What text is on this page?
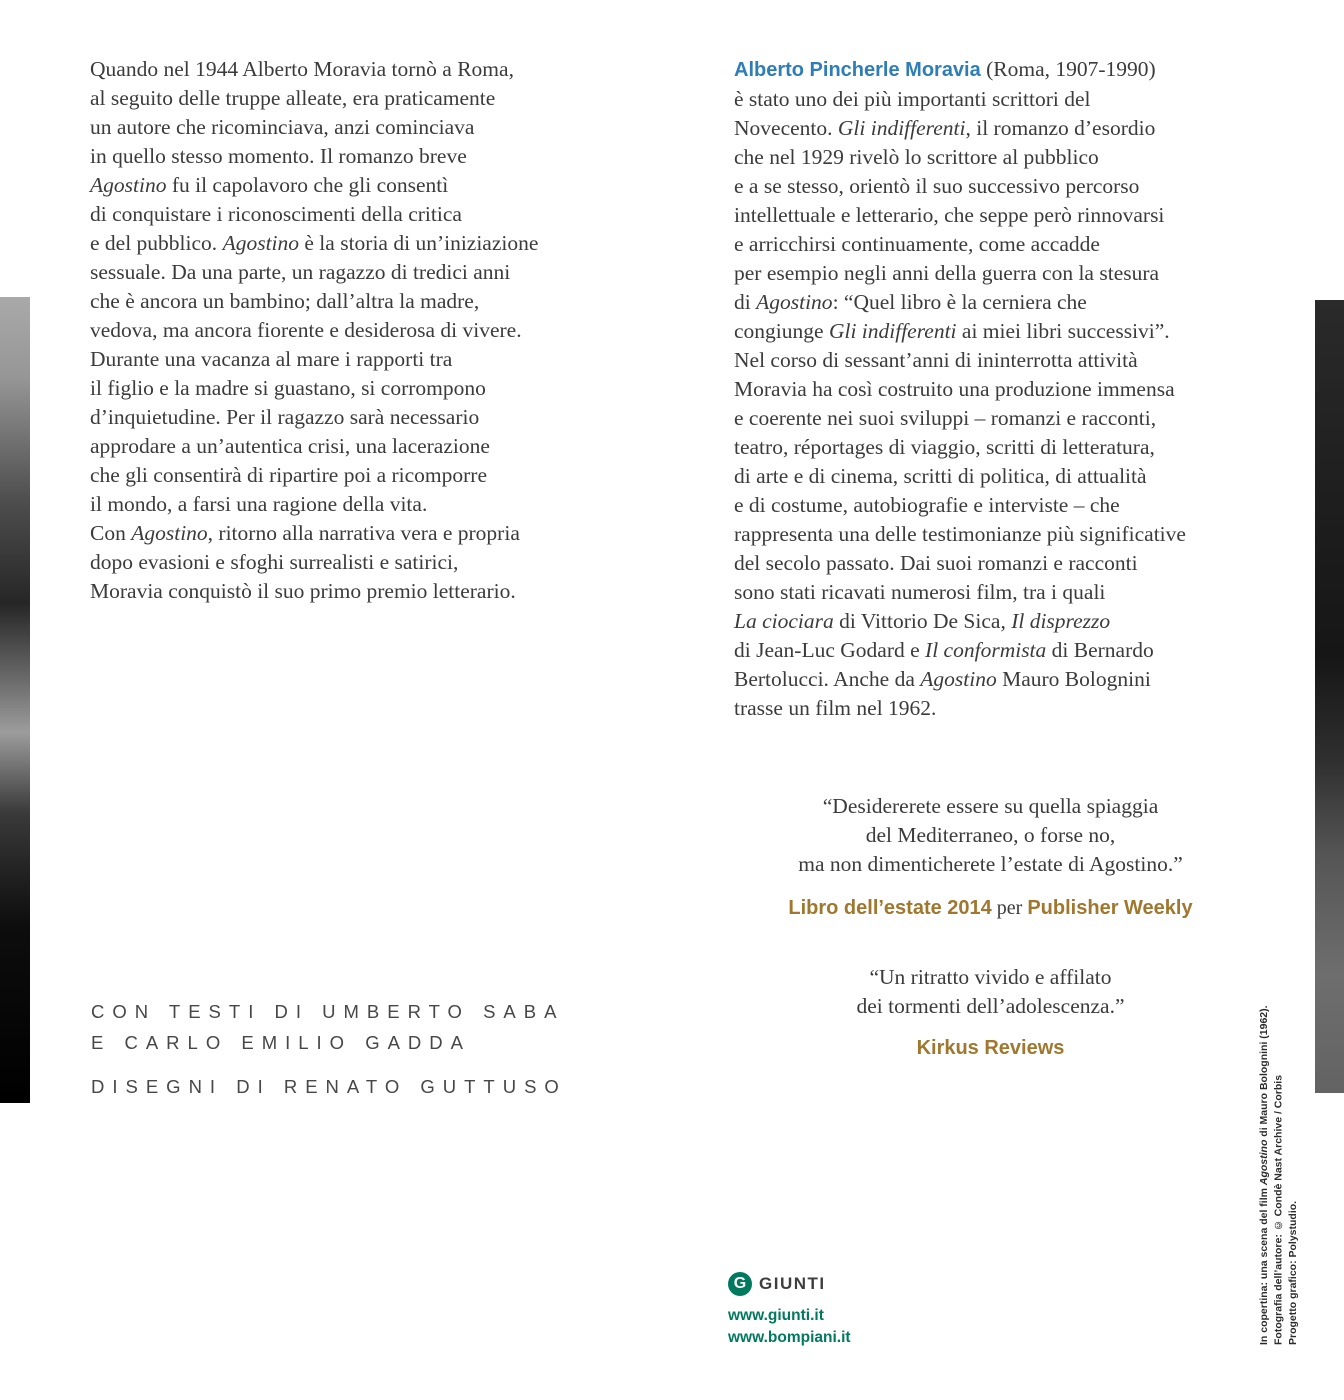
Quando nel 1944 Alberto Moravia tornò a Roma,
al seguito delle truppe alleate, era praticamente
un autore che ricominciava, anzi cominciava
in quello stesso momento. Il romanzo breve
Agostino fu il capolavoro che gli consentì
di conquistare i riconoscimenti della critica
e del pubblico. Agostino è la storia di un’iniziazione
sessuale. Da una parte, un ragazzo di tredici anni
che è ancora un bambino; dall’altra la madre,
vedova, ma ancora fiorente e desiderosa di vivere.
Durante una vacanza al mare i rapporti tra
il figlio e la madre si guastano, si corrompono
d’inquietudine. Per il ragazzo sarà necessario
approdare a un’autentica crisi, una lacerazione
che gli consentirà di ripartire poi a ricomporre
il mondo, a farsi una ragione della vita.
Con Agostino, ritorno alla narrativa vera e propria
dopo evasioni e sfoghi surrealisti e satirici,
Moravia conquistò il suo primo premio letterario.

CON TESTI DI UMBERTO SABA
E CARLO EMILIO GADDA

DISEGNI DI RENATO GUTTUSO

Alberto Pincherle Moravia (Roma, 1907-1990)
è stato uno dei più importanti scrittori del
Novecento. Gli indifferenti, il romanzo d’esordio
che nel 1929 rivelò lo scrittore al pubblico
e a se stesso, orientò il suo successivo percorso
intellettuale e letterario, che seppe però rinnovarsi
e arricchirsi continuamente, come accadde
per esempio negli anni della guerra con la stesura
di Agostino: “Quel libro è la cerniera che
congiunge Gli indifferenti ai miei libri successivi”.
Nel corso di sessant’anni di ininterrotta attività
Moravia ha così costruito una produzione immensa
e coerente nei suoi sviluppi – romanzi e racconti,
teatro, réportages di viaggio, scritti di letteratura,
di arte e di cinema, scritti di politica, di attualità
e di costume, autobiografie e interviste – che
rappresenta una delle testimonianze più significative
del secolo passato. Dai suoi romanzi e racconti
sono stati ricavati numerosi film, tra i quali
La ciociara di Vittorio De Sica, Il disprezzo
di Jean-Luc Godard e Il conformista di Bernardo
Bertolucci. Anche da Agostino Mauro Bolognini
trasse un film nel 1962.

“Desidererete essere su quella spiaggia
del Mediterraneo, o forse no,
ma non dimenticherete l’estate di Agostino.”

Libro dell’estate 2014 per Publisher Weekly

“Un ritratto vivido e affilato
dei tormenti dell’adolescenza.”

Kirkus Reviews

G GIUNTI
www.giunti.it
www.bompiani.it	In copertina: una scena del film Agostino di Mauro Bolognini (1962).
Fotografia dell’autore: © Condè Nast Archive / Corbis Progetto grafico: Polystudio.
